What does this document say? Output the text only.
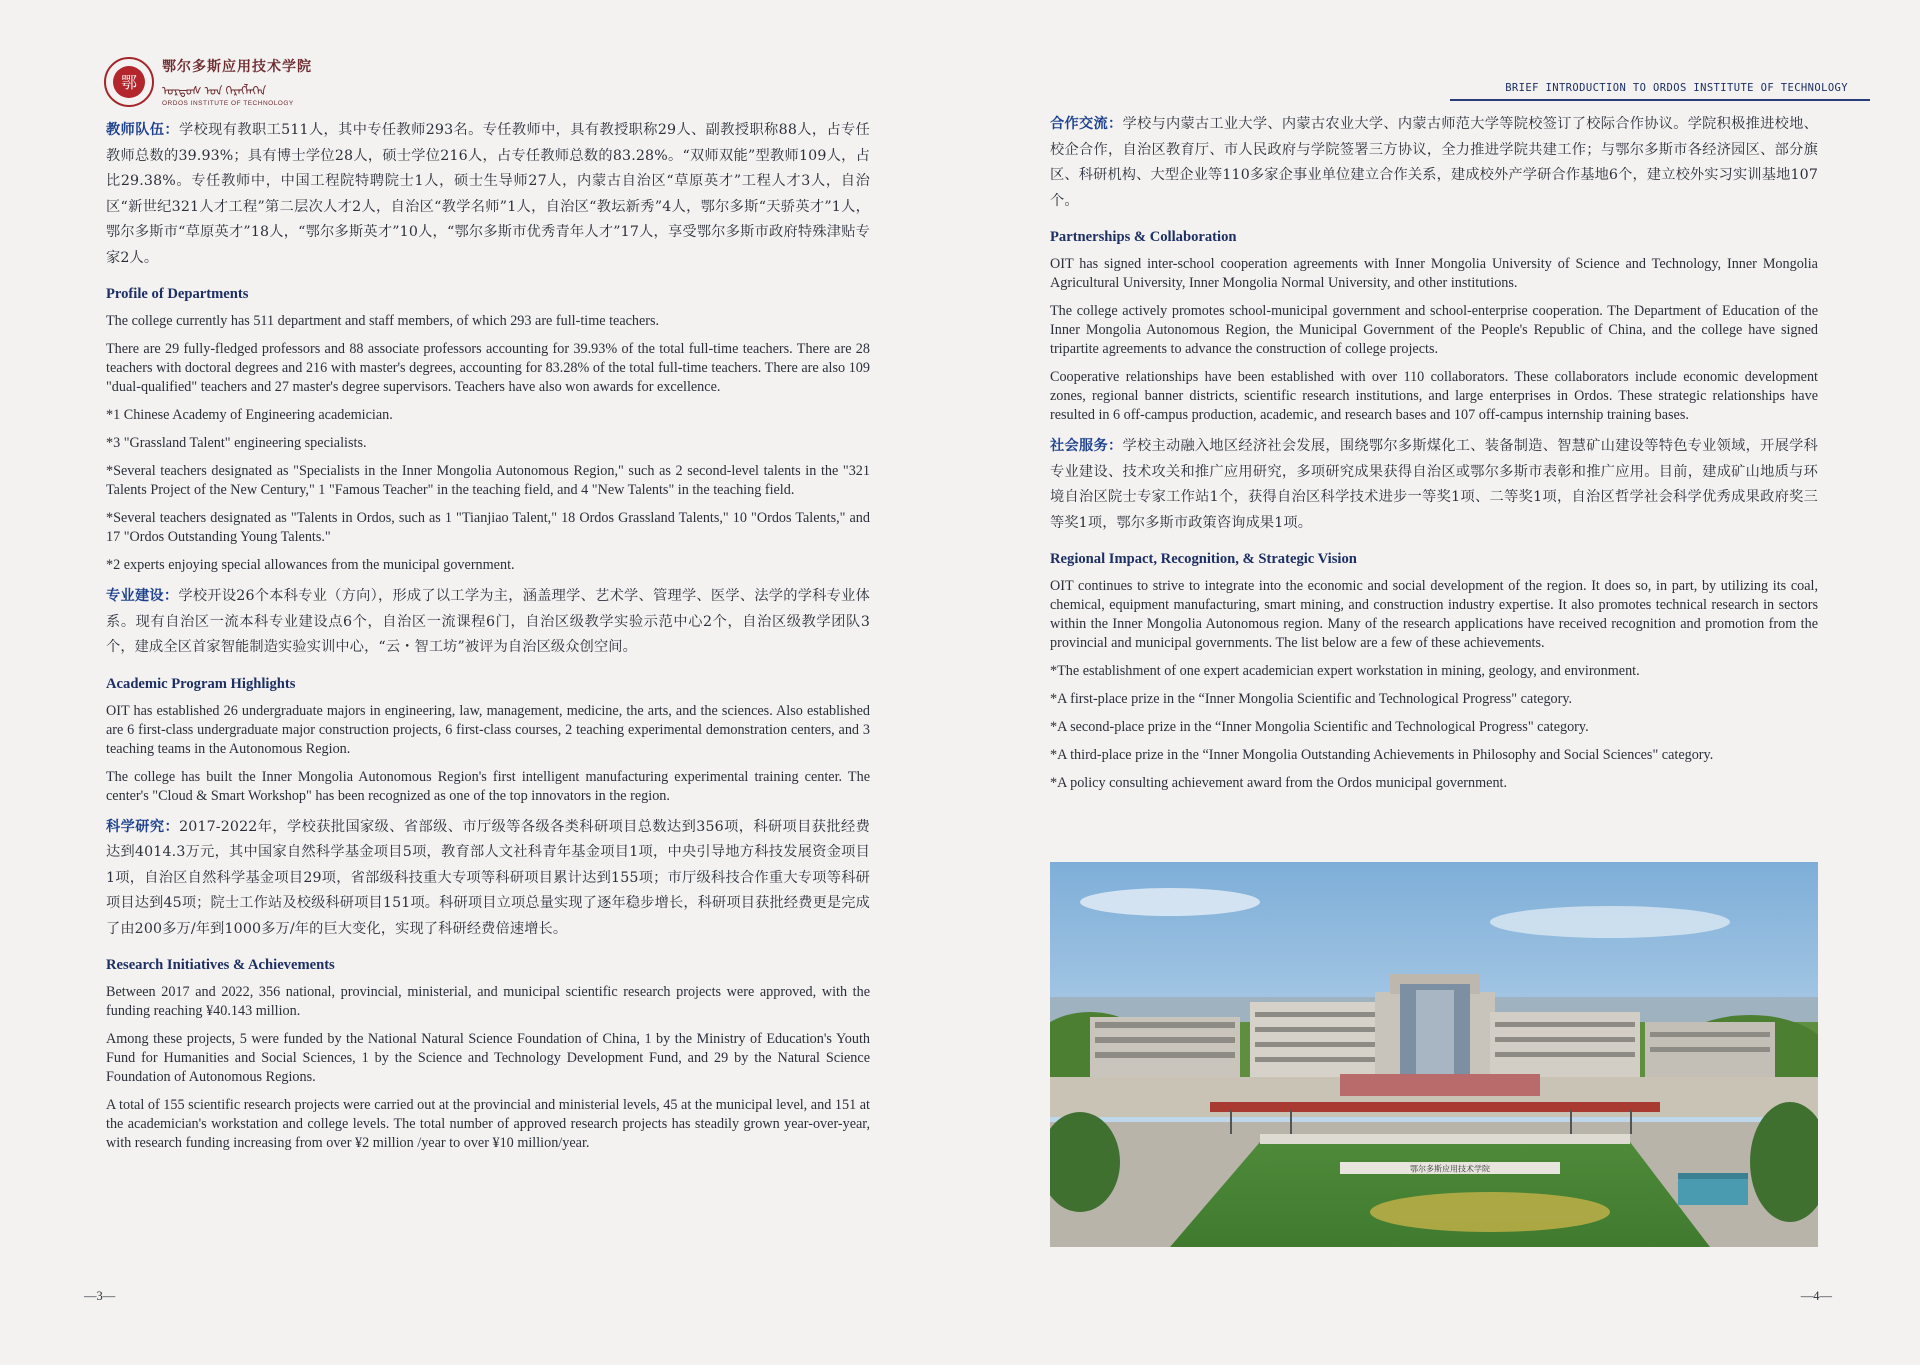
鄂
鄂尔多斯应用技术学院
ᠣᠷᠳᠣᠰ ᠤᠨ ᠬᠡᠷᠡᠭᠯᠡᠭᠡᠨ
ORDOS INSTITUTE OF TECHNOLOGY

教师队伍：学校现有教职工511人，其中专任教师293名。专任教师中，具有教授职称29人、副教授职称88人，占专任教师总数的39.93%；具有博士学位28人，硕士学位216人，占专任教师总数的83.28%。“双师双能”型教师109人，占比29.38%。专任教师中，中国工程院特聘院士1人，硕士生导师27人，内蒙古自治区“草原英才”工程人才3人，自治区“新世纪321人才工程”第二层次人才2人，自治区“教学名师”1人，自治区“教坛新秀”4人，鄂尔多斯“天骄英才”1人，鄂尔多斯市“草原英才”18人，“鄂尔多斯英才”10人，“鄂尔多斯市优秀青年人才”17人，享受鄂尔多斯市政府特殊津贴专家2人。

Profile of Departments

The college currently has 511 department and staff members, of which 293 are full-time teachers.

There are 29 fully-fledged professors and 88 associate professors accounting for 39.93% of the total full-time teachers. There are 28 teachers with doctoral degrees and 216 with master's degrees, accounting for 83.28% of the total full-time teachers. There are also 109 "dual-qualified" teachers and 27 master's degree supervisors. Teachers have also won awards for excellence.

*1 Chinese Academy of Engineering academician.

*3 "Grassland Talent" engineering specialists.

*Several teachers designated as "Specialists in the Inner Mongolia Autonomous Region," such as 2 second-level talents in the "321 Talents Project of the New Century," 1 "Famous Teacher" in the teaching field, and 4 "New Talents" in the teaching field.

*Several teachers designated as "Talents in Ordos, such as 1 "Tianjiao Talent," 18 Ordos Grassland Talents," 10 "Ordos Talents," and 17 "Ordos Outstanding Young Talents."

*2 experts enjoying special allowances from the municipal government.

专业建设：学校开设26个本科专业（方向），形成了以工学为主，涵盖理学、艺术学、管理学、医学、法学的学科专业体系。现有自治区一流本科专业建设点6个，自治区一流课程6门，自治区级教学实验示范中心2个，自治区级教学团队3个，建成全区首家智能制造实验实训中心，“云・智工坊”被评为自治区级众创空间。

Academic Program Highlights

OIT has established 26 undergraduate majors in engineering, law, management, medicine, the arts, and the sciences. Also established are 6 first-class undergraduate major construction projects, 6 first-class courses, 2 teaching experimental demonstration centers, and 3 teaching teams in the Autonomous Region.

The college has built the Inner Mongolia Autonomous Region's first intelligent manufacturing experimental training center. The center's "Cloud & Smart Workshop" has been recognized as one of the top innovators in the region.

科学研究：2017-2022年，学校获批国家级、省部级、市厅级等各级各类科研项目总数达到356项，科研项目获批经费达到4014.3万元，其中国家自然科学基金项目5项，教育部人文社科青年基金项目1项，中央引导地方科技发展资金项目1项，自治区自然科学基金项目29项，省部级科技重大专项等科研项目累计达到155项；市厅级科技合作重大专项等科研项目达到45项；院士工作站及校级科研项目151项。科研项目立项总量实现了逐年稳步增长，科研项目获批经费更是完成了由200多万/年到1000多万/年的巨大变化，实现了科研经费倍速增长。

Research Initiatives & Achievements

Between 2017 and 2022, 356 national, provincial, ministerial, and municipal scientific research projects were approved, with the funding reaching ¥40.143 million.

Among these projects, 5 were funded by the National Natural Science Foundation of China, 1 by the Ministry of Education's Youth Fund for Humanities and Social Sciences, 1 by the Science and Technology Development Fund, and 29 by the Natural Science Foundation of Autonomous Regions.

A total of 155 scientific research projects were carried out at the provincial and ministerial levels, 45 at the municipal level, and 151 at the academician's workstation and college levels. The total number of approved research projects has steadily grown year-over-year, with research funding increasing from over ¥2 million /year to over ¥10 million/year.

—3—
BRIEF INTRODUCTION TO ORDOS INSTITUTE OF TECHNOLOGY

合作交流：学校与内蒙古工业大学、内蒙古农业大学、内蒙古师范大学等院校签订了校际合作协议。学院积极推进校地、校企合作，自治区教育厅、市人民政府与学院签署三方协议，全力推进学院共建工作；与鄂尔多斯市各经济园区、部分旗区、科研机构、大型企业等110多家企事业单位建立合作关系，建成校外产学研合作基地6个，建立校外实习实训基地107个。

Partnerships & Collaboration

OIT has signed inter-school cooperation agreements with Inner Mongolia University of Science and Technology, Inner Mongolia Agricultural University, Inner Mongolia Normal University, and other institutions.

The college actively promotes school-municipal government and school-enterprise cooperation. The Department of Education of the Inner Mongolia Autonomous Region, the Municipal Government of the People's Republic of China, and the college have signed tripartite agreements to advance the construction of college projects.

Cooperative relationships have been established with over 110 collaborators. These collaborators include economic development zones, regional banner districts, scientific research institutions, and large enterprises in Ordos. These strategic relationships have resulted in 6 off-campus production, academic, and research bases and 107 off-campus internship training bases.

社会服务：学校主动融入地区经济社会发展，围绕鄂尔多斯煤化工、装备制造、智慧矿山建设等特色专业领域，开展学科专业建设、技术攻关和推广应用研究，多项研究成果获得自治区或鄂尔多斯市表彰和推广应用。目前，建成矿山地质与环境自治区院士专家工作站1个，获得自治区科学技术进步一等奖1项、二等奖1项，自治区哲学社会科学优秀成果政府奖三等奖1项，鄂尔多斯市政策咨询成果1项。

Regional Impact, Recognition, & Strategic Vision

OIT continues to strive to integrate into the economic and social development of the region. It does so, in part, by utilizing its coal, chemical, equipment manufacturing, smart mining, and construction industry expertise. It also promotes technical research in sectors within the Inner Mongolia Autonomous region. Many of the research applications have received recognition and promotion from the provincial and municipal governments. The list below are a few of these achievements.

*The establishment of one expert academician expert workstation in mining, geology, and environment.

*A first-place prize in the “Inner Mongolia Scientific and Technological Progress" category.

*A second-place prize in the “Inner Mongolia Scientific and Technological Progress" category.

*A third-place prize in the “Inner Mongolia Outstanding Achievements in Philosophy and Social Sciences" category.

*A policy consulting achievement award from the Ordos municipal government.

鄂尔多斯应用技术学院
—4—
